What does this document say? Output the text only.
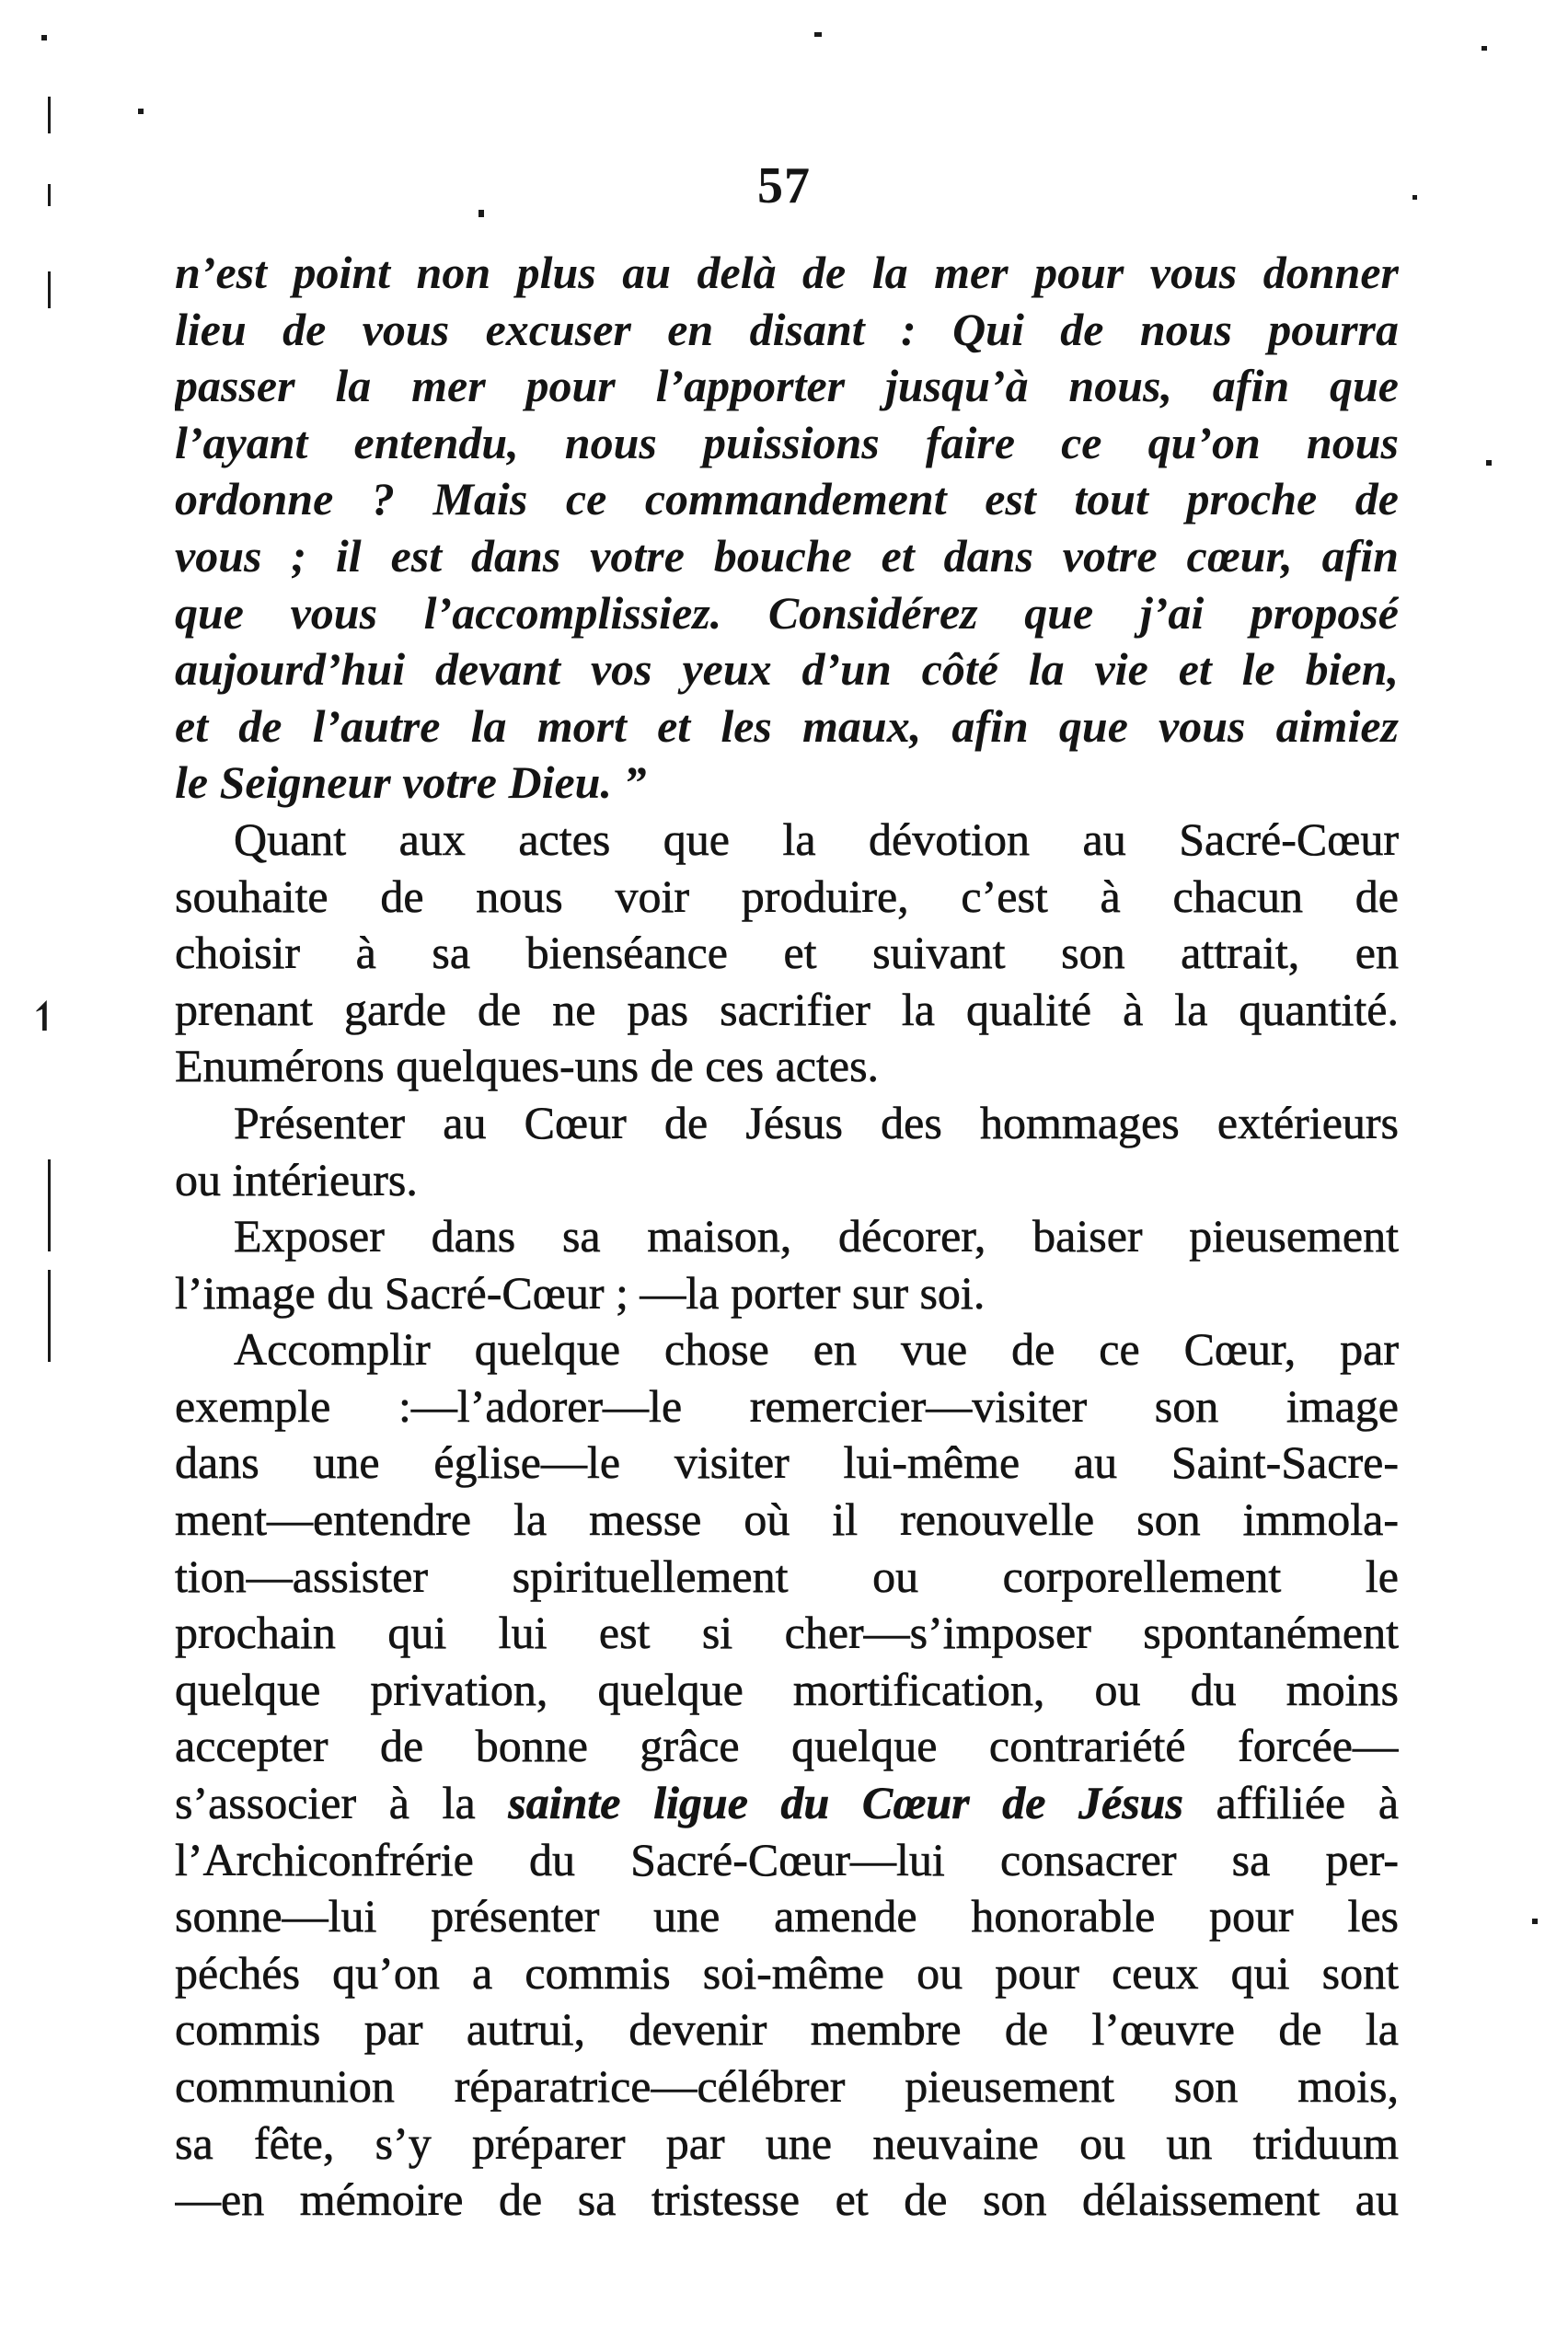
57
n’est point non plus au delà de la mer pour vous donner
lieu de vous excuser en disant : Qui de nous pourra
passer la mer pour l’apporter jusqu’à nous, afin que
l’ayant entendu, nous puissions faire ce qu’on nous
ordonne ? Mais ce commandement est tout proche de
vous ; il est dans votre bouche et dans votre cœur, afin
que vous l’accomplissiez. Considérez que j’ai proposé
aujourd’hui devant vos yeux d’un côté la vie et le bien,
et de l’autre la mort et les maux, afin que vous aimiez
le Seigneur votre Dieu. ”
Quant aux actes que la dévotion au Sacré-Cœur
souhaite de nous voir produire, c’est à chacun de
choisir à sa bienséance et suivant son attrait, en
prenant garde de ne pas sacrifier la qualité à la quantité.
Enumérons quelques-uns de ces actes.
Présenter au Cœur de Jésus des hommages extérieurs
ou intérieurs.
Exposer dans sa maison, décorer, baiser pieusement
l’image du Sacré-Cœur ; —la porter sur soi.
Accomplir quelque chose en vue de ce Cœur, par
exemple :—l’adorer—le remercier—visiter son image
dans une église—le visiter lui-même au Saint-Sacre-
ment—entendre la messe où il renouvelle son immola-
tion—assister spirituellement ou corporellement le
prochain qui lui est si cher—s’imposer spontanément
quelque privation, quelque mortification, ou du moins
accepter de bonne grâce quelque contrariété forcée—
s’associer à la sainte ligue du Cœur de Jésus affiliée à
l’Archiconfrérie du Sacré-Cœur—lui consacrer sa per-
sonne—lui présenter une amende honorable pour les
péchés qu’on a commis soi-même ou pour ceux qui sont
commis par autrui, devenir membre de l’œuvre de la
communion réparatrice—célébrer pieusement son mois,
sa fête, s’y préparer par une neuvaine ou un triduum
—en mémoire de sa tristesse et de son délaissement au
↿
